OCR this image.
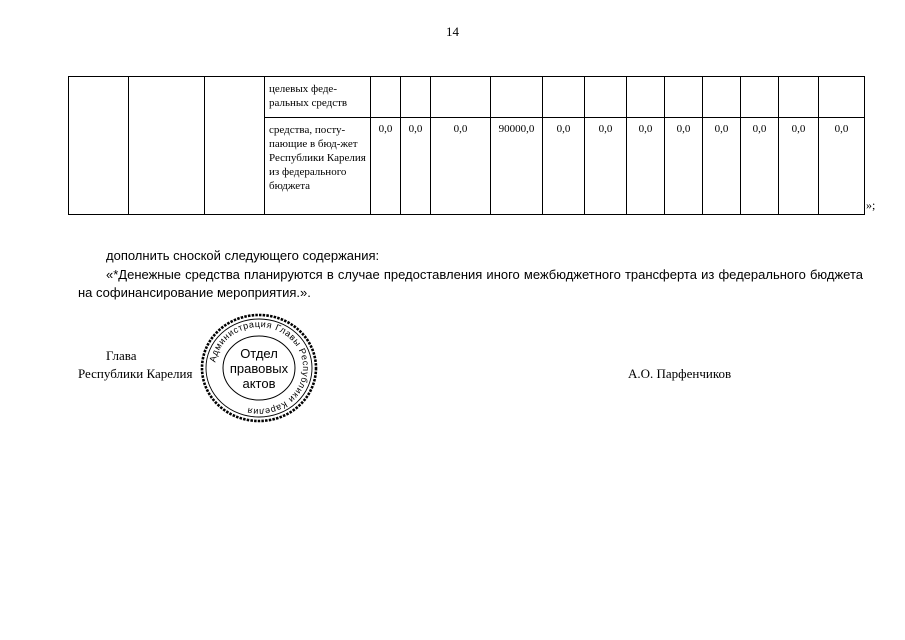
14
			целевых феде-ральных средств												
			средства, посту-пающие в бюд-жет Республики Карелия из федерального бюджета	0,0	0,0	0,0	90000,0	0,0	0,0	0,0	0,0	0,0	0,0	0,0	0,0
»;
дополнить сноской следующего содержания:
«*Денежные средства планируются в случае предоставления иного межбюджетного трансферта из федерального бюджета на софинансирование мероприятия.».
Глава
Республики Карелия	А.О. Парфенчиков
Администрация Главы Республики Карелия
Отдел
правовых
актов
